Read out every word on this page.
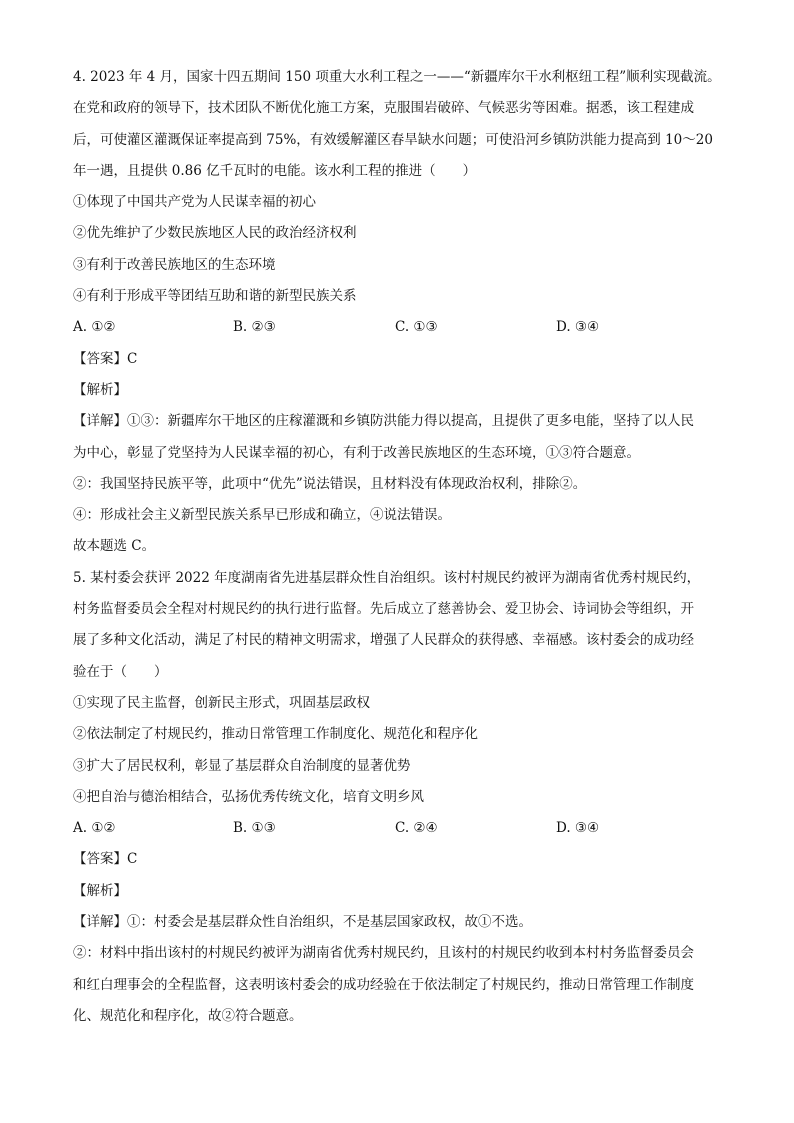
4. 2023 年 4 月，国家十四五期间 150 项重大水利工程之一——“新疆库尔干水利枢纽工程”顺利实现截流。
在党和政府的领导下，技术团队不断优化施工方案，克服围岩破碎、气候恶劣等困难。据悉，该工程建成
后，可使灌区灌溉保证率提高到 75%，有效缓解灌区春旱缺水问题；可使沿河乡镇防洪能力提高到 10～20
年一遇，且提供 0.86 亿千瓦时的电能。该水利工程的推进（　　）
①体现了中国共产党为人民谋幸福的初心
②优先维护了少数民族地区人民的政治经济权利
③有利于改善民族地区的生态环境
④有利于形成平等团结互助和谐的新型民族关系
A. ①②	B. ②③	C. ①③	D. ③④
【答案】C
【解析】
【详解】①③：新疆库尔干地区的庄稼灌溉和乡镇防洪能力得以提高，且提供了更多电能，坚持了以人民
为中心，彰显了党坚持为人民谋幸福的初心，有利于改善民族地区的生态环境，①③符合题意。
②：我国坚持民族平等，此项中“优先”说法错误，且材料没有体现政治权利，排除②。
④：形成社会主义新型民族关系早已形成和确立，④说法错误。
故本题选 C。
5. 某村委会获评 2022 年度湖南省先进基层群众性自治组织。该村村规民约被评为湖南省优秀村规民约，
村务监督委员会全程对村规民约的执行进行监督。先后成立了慈善协会、爱卫协会、诗词协会等组织，开
展了多种文化活动，满足了村民的精神文明需求，增强了人民群众的获得感、幸福感。该村委会的成功经
验在于（　　）
①实现了民主监督，创新民主形式，巩固基层政权
②依法制定了村规民约，推动日常管理工作制度化、规范化和程序化
③扩大了居民权利，彰显了基层群众自治制度的显著优势
④把自治与德治相结合，弘扬优秀传统文化，培育文明乡风
A. ①②	B. ①③	C. ②④	D. ③④
【答案】C
【解析】
【详解】①：村委会是基层群众性自治组织，不是基层国家政权，故①不选。
②：材料中指出该村的村规民约被评为湖南省优秀村规民约，且该村的村规民约收到本村村务监督委员会
和红白理事会的全程监督，这表明该村委会的成功经验在于依法制定了村规民约，推动日常管理工作制度
化、规范化和程序化，故②符合题意。
